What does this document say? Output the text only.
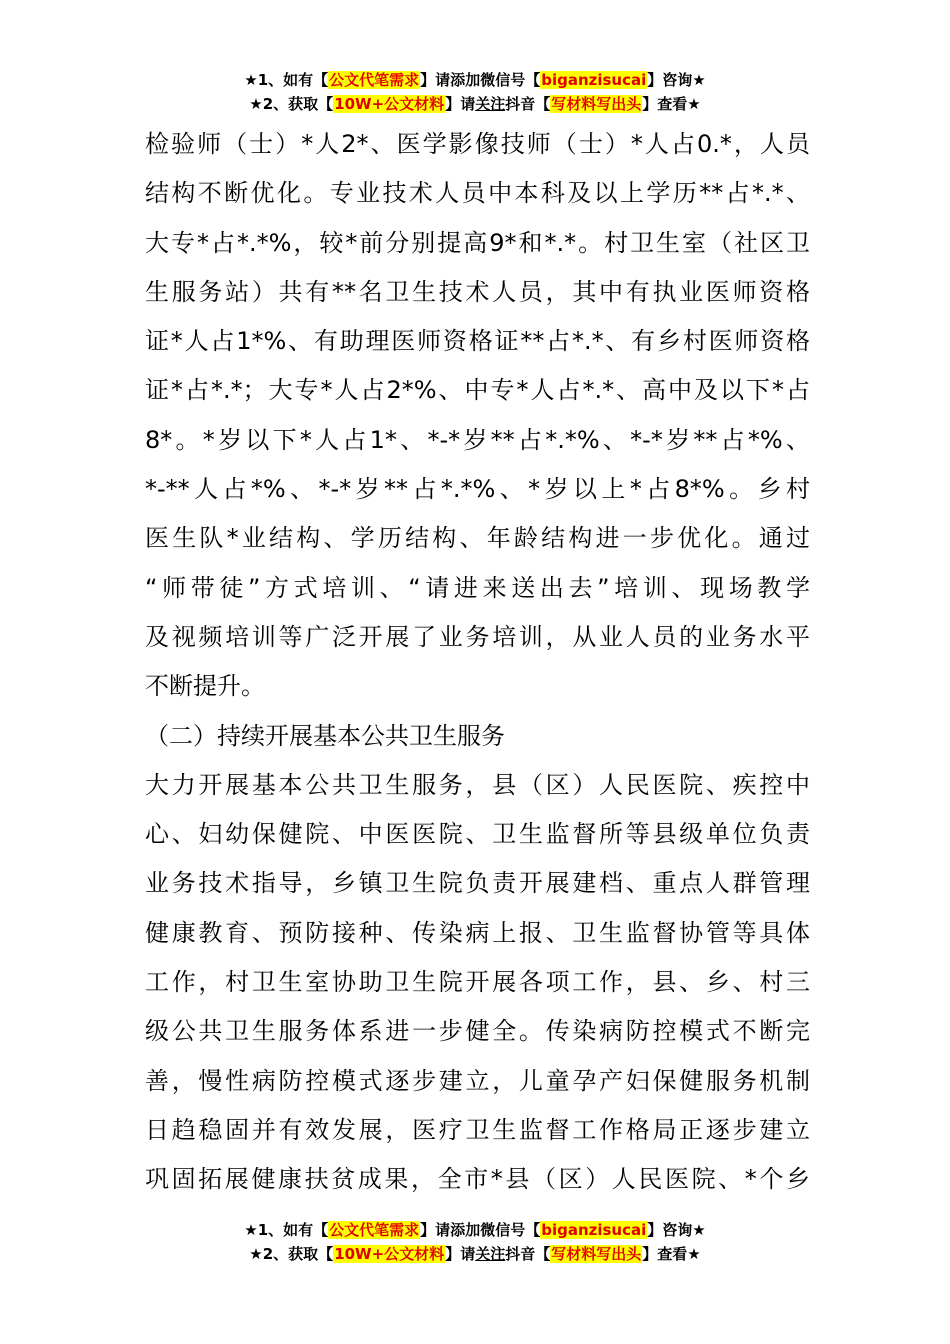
★1、如有【公文代笔需求】请添加微信号【biganzisucai】咨询★
★2、获取【10W+公文材料】请关注抖音【写材料写出头】查看★
检验师（士）*人2*、医学影像技师（士）*人占0.*，人员
结构不断优化。专业技术人员中本科及以上学历**占*.*、
大专*占*.*%，较*前分别提高9*和*.*。村卫生室（社区卫
生服务站）共有**名卫生技术人员，其中有执业医师资格
证*人占1*%、有助理医师资格证**占*.*、有乡村医师资格
证*占*.*；大专*人占2*%、中专*人占*.*、高中及以下*占
8*。*岁以下*人占1*、*-*岁**占*.*%、*-*岁**占*%、
*-**人占*%、*-*岁**占*.*%、*岁以上*占8*%。乡村
医生队*业结构、学历结构、年龄结构进一步优化。通过
“师带徒”方式培训、“请进来送出去”培训、现场教学
及视频培训等广泛开展了业务培训，从业人员的业务水平
不断提升。
（二）持续开展基本公共卫生服务
大力开展基本公共卫生服务，县（区）人民医院、疾控中
心、妇幼保健院、中医医院、卫生监督所等县级单位负责
业务技术指导，乡镇卫生院负责开展建档、重点人群管理
健康教育、预防接种、传染病上报、卫生监督协管等具体
工作，村卫生室协助卫生院开展各项工作，县、乡、村三
级公共卫生服务体系进一步健全。传染病防控模式不断完
善，慢性病防控模式逐步建立，儿童孕产妇保健服务机制
日趋稳固并有效发展，医疗卫生监督工作格局正逐步建立
巩固拓展健康扶贫成果，全市*县（区）人民医院、*个乡
★1、如有【公文代笔需求】请添加微信号【biganzisucai】咨询★
★2、获取【10W+公文材料】请关注抖音【写材料写出头】查看★
